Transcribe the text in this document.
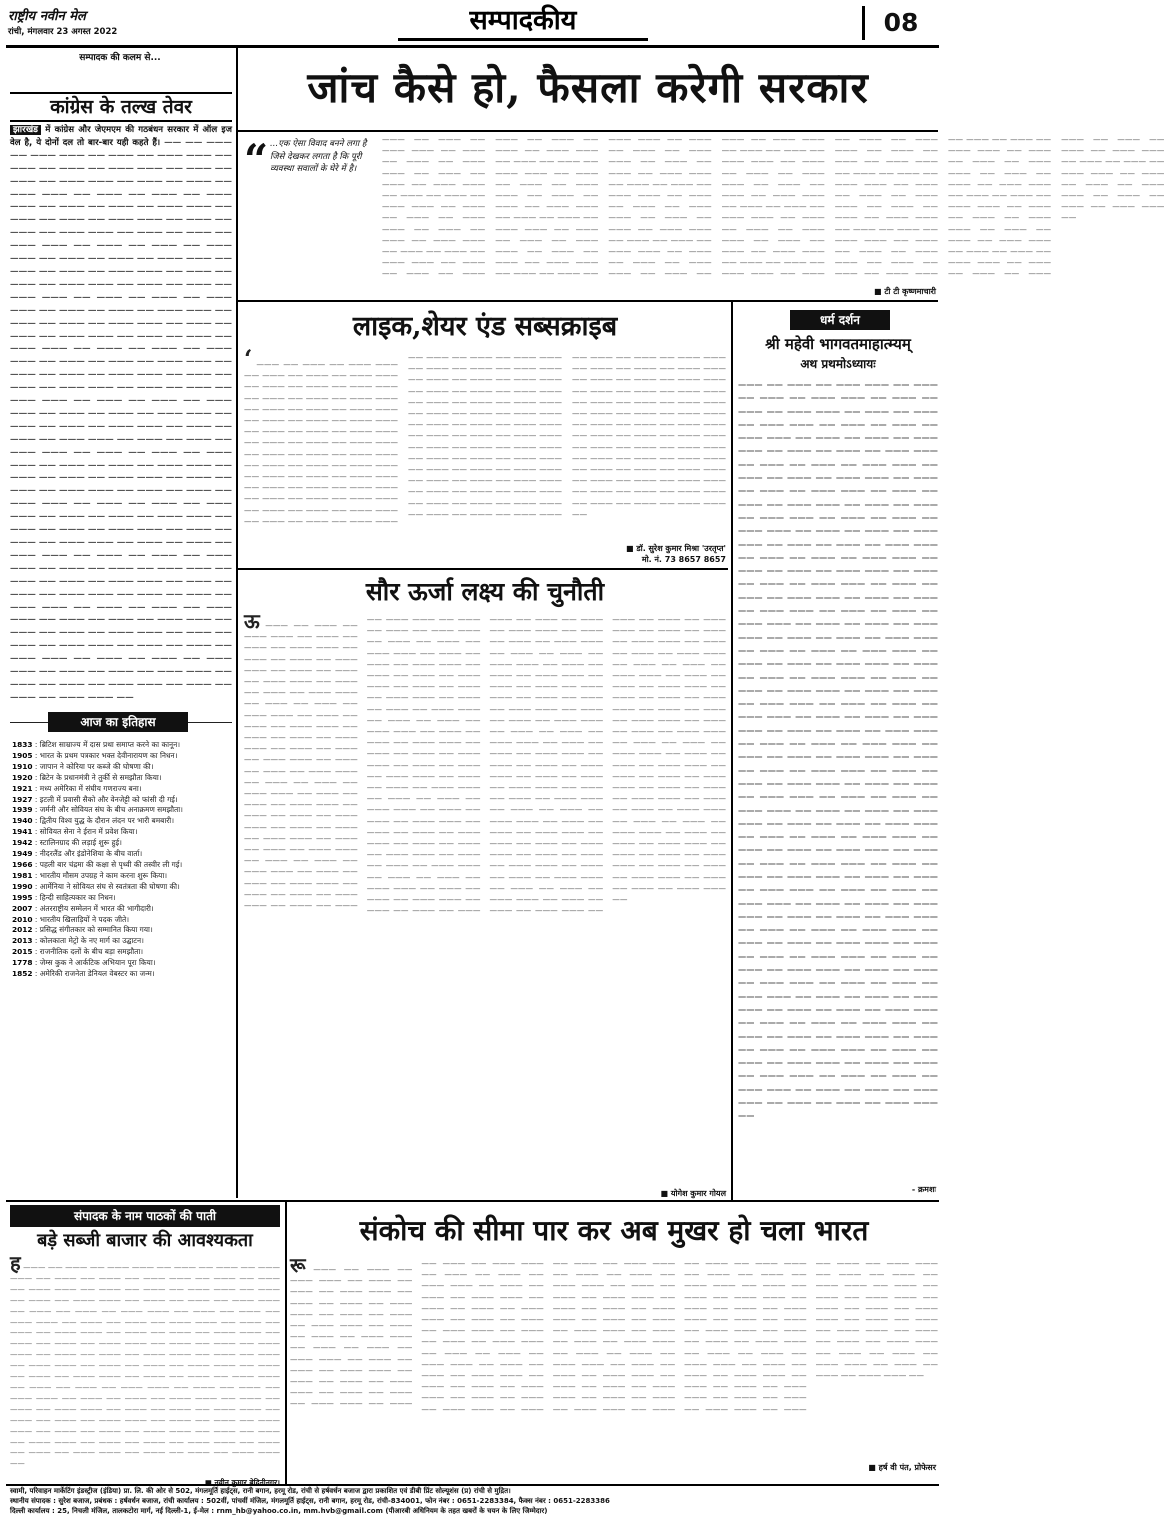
राष्ट्रीय नवीन मेल
रांची, मंगलवार 23 अगस्त 2022	सम्पादकीय	08
सम्पादक की कलम से...
जांच कैसे हो, फैसला करेगी सरकार
कांग्रेस के तल्ख तेवर
झारखंड में कांग्रेस और जेएमएम की गठबंधन सरकार में ऑल इज वेल है, ये दोनों दल तो बार-बार यही कहते हैं। —— —— ——— —— ——— ——— —— ——— —— ——— ——— —— ——— —— ——— —— ——— ——— —— ——— —— ——— —— ——— ——— —— ——— —— ——— —— ——— ——— —— ——— —— ——— —— ——— ——— —— ——— —— ——— —— ——— ——— —— ——— —— ——— —— ——— ——— —— ——— —— ——— —— ——— ——— —— ——— —— ——— —— ——— ——— —— ——— —— ——— —— ——— ——— —— ——— —— ——— —— ——— ——— —— ——— —— ——— —— ——— ——— —— ——— —— ——— —— ——— ——— —— ——— —— ——— —— ——— ——— —— ——— —— ——— —— ——— ——— —— ——— —— ——— —— ——— ——— —— ——— —— ——— —— ——— ——— —— ——— —— ——— —— ——— ——— —— ——— —— ——— —— ——— ——— —— ——— —— ——— —— ——— ——— —— ——— —— ——— —— ——— ——— —— ——— —— ——— —— ——— ——— —— ——— —— ——— —— ——— ——— —— ——— —— ——— —— ——— ——— —— ——— —— ——— —— ——— ——— —— ——— —— ——— —— ——— ——— —— ——— —— ——— —— ——— ——— —— ——— —— ——— —— ——— ——— —— ——— —— ——— —— ——— ——— —— ——— —— ——— —— ——— ——— —— ——— —— ——— —— ——— ——— —— ——— —— ——— —— ——— ——— —— ——— —— ——— —— ——— ——— —— ——— —— ——— —— ——— ——— —— ——— —— ——— —— ——— ——— —— ——— —— ——— —— ——— ——— —— ——— —— ——— —— ——— ——— —— ——— —— ——— —— ——— ——— —— ——— —— ——— —— ——— ——— —— ——— —— ——— —— ——— ——— —— ——— —— ——— —— ——— ——— —— ——— —— ——— —— ——— ——— —— ——— —— ——— —— ——— ——— —— ——— —— ——— —— ——— ——— —— ——— —— ——— —— ——— ——— —— ——— —— ——— —— ——— ——— —— ——— —— ——— —— ——— ——— —— ——— —— ——— —— ——— ——— —— ——— —— ——— —— ——— ——— —— ——— —— ——— —— ——— ——— —— ——— —— ——— —— ——— ——— —— ——— —— ——— —— ——— ——— —— ——— —— ——— —— ——— ——— ——
आज का इतिहास
1833 : ब्रिटिश साम्राज्य में दास प्रथा समाप्त करने का कानून।
1905 : भारत के प्रथम पत्रकार भक्त देवीनारायण का निधन।
1910 : जापान ने कोरिया पर कब्जे की घोषणा की।
1920 : ब्रिटेन के प्रधानमंत्री ने तुर्की से समझौता किया।
1921 : मध्य अमेरिका में संघीय गणराज्य बना।
1927 : इटली में प्रवासी सैको और वेनजेट्टी को फांसी दी गई।
1939 : जर्मनी और सोवियत संघ के बीच अनाक्रमण समझौता।
1940 : द्वितीय विश्व युद्ध के दौरान लंदन पर भारी बमबारी।
1941 : सोवियत सेना ने ईरान में प्रवेश किया।
1942 : स्टालिनग्राद की लड़ाई शुरू हुई।
1949 : नीदरलैंड और इंडोनेशिया के बीच वार्ता।
1966 : पहली बार चंद्रमा की कक्षा से पृथ्वी की तस्वीर ली गई।
1981 : भारतीय मौसम उपग्रह ने काम करना शुरू किया।
1990 : आर्मेनिया ने सोवियत संघ से स्वतंत्रता की घोषणा की।
1995 : हिन्दी साहित्यकार का निधन।
2007 : अंतरराष्ट्रीय सम्मेलन में भारत की भागीदारी।
2010 : भारतीय खिलाड़ियों ने पदक जीते।
2012 : प्रसिद्ध संगीतकार को सम्मानित किया गया।
2013 : कोलकाता मेट्रो के नए मार्ग का उद्घाटन।
2015 : राजनीतिक दलों के बीच बड़ा समझौता।
1778 : जेम्स कुक ने आर्कटिक अभियान पूरा किया।
1852 : अमेरिकी राजनेता डेनियल वेबस्टर का जन्म।
“ ...एक ऐसा विवाद बनने लगा है जिसे देखकर लगता है कि पूरी व्यवस्था सवालों के घेरे में है।
——— —— ——— —— ——— ——— —— ——— —— ——— —— ——— ——— —— ——— —— ——— —— ——— ——— —— ——— —— ——— —— ——— ——— —— ——— —— ——— —— ——— ——— —— ——— —— ——— —— ——— ——— —— ——— —— ——— —— ——— ——— —— ——— —— ——— —— ——— ——— —— ——— —— ——— —— ——— ——— —— ——— —— ——— —— ——— ——— —— ——— —— ——— —— ——— ——— —— ——— —— ——— —— ——— ——— —— ——— —— ——— —— ——— ——— —— ——— —— ——— —— ——— ——— —— ——— —— ——— —— ——— ——— —— ——— —— ——— —— ——— ——— —— ——— —— ——— —— ——— ——— —— ——— —— ——— —— ——— ——— —— ——— —— ——— —— ——— ——— —— ——— —— ——— —— ——— ——— —— ——— —— ——— —— ——— ——— —— ——— —— ——— —— ——— ——— —— ——— —— ——— —— ——— ——— —— ——— —— ——— —— ——— ——— —— ——— —— ——— —— ——— ——— —— ——— —— ——— —— ——— ——— —— ——— —— ——— —— ——— ——— —— ——— —— ——— —— ——— ——— —— ——— —— ——— —— ——— ——— —— ——— —— ——— —— ——— ——— —— ——— —— ——— —— ——— ——— —— ——— —— ——— —— ——— ——— —— ——— —— ——— —— ——— ——— —— ——— —— ——— —— ——— ——— —— ——— —— ——— —— ——— ——— —— ——— —— ——— —— ——— ——— —— ——— —— ——— —— ——— ——— —— ——— —— ——— —— ——— ——— —— ——— —— ——— —— ——— ——— —— ——— —— ——— —— ——— ——— —— ——— —— ——— —— ——— ——— —— ——— —— ——— —— ——— ——— —— ——— —— ——— —— ——— ——— —— ——— —— ——— —— ——— ——— —— ——— —— ——— —— ——— ——— —— ——— —— ——— —— ——— ——— —— ——— —— ——— —— ——— ——— —— ——— —— ——— —— ——— ——— —— ——— —— ——— —— ——— ——— —— ——— —— ——— —— ——— ——— —— ——— —— ——— —— ——— ——— ——
■ टी टी कृष्णमाचारी
लाइक,शेयर एंड सब्सक्राइब
‘ ——— —— ——— —— ——— ——— —— ——— —— ——— —— ——— ——— —— ——— —— ——— —— ——— ——— —— ——— —— ——— —— ——— ——— —— ——— —— ——— —— ——— ——— —— ——— —— ——— —— ——— ——— —— ——— —— ——— —— ——— ——— —— ——— —— ——— —— ——— ——— —— ——— —— ——— —— ——— ——— —— ——— —— ——— —— ——— ——— —— ——— —— ——— —— ——— ——— —— ——— —— ——— —— ——— ——— —— ——— —— ——— —— ——— ——— —— ——— —— ——— —— ——— ——— —— ——— —— ——— —— ——— ——— —— ——— —— ——— —— ——— ——— —— ——— —— ——— —— ——— ——— —— ——— —— ——— —— ——— ——— —— ——— —— ——— —— ——— ——— —— ——— —— ——— —— ——— ——— —— ——— —— ——— —— ——— ——— —— ——— —— ——— —— ——— ——— —— ——— —— ——— —— ——— ——— —— ——— —— ——— —— ——— ——— —— ——— —— ——— —— ——— ——— —— ——— —— ——— —— ——— ——— —— ——— —— ——— —— ——— ——— —— ——— —— ——— —— ——— ——— —— ——— —— ——— —— ——— ——— —— ——— —— ——— —— ——— ——— —— ——— —— ——— —— ——— ——— —— ——— —— ——— —— ——— ——— —— ——— —— ——— —— ——— ——— —— ——— —— ——— —— ——— ——— —— ——— —— ——— —— ——— ——— —— ——— —— ——— —— ——— ——— —— ——— —— ——— —— ——— ——— —— ——— —— ——— —— ——— ——— —— ——— —— ——— —— ——— ——— —— ——— —— ——— —— ——— ——— —— ——— —— ——— —— ——— ——— —— ——— —— ——— —— ——— ——— —— ——— —— ——— —— ——— ——— —— ——— —— ——— —— ——— ——— ——
■ डॉ. सुरेश कुमार मिश्रा 'उरतृप्त'
मो. नं. 73 8657 8657
सौर ऊर्जा लक्ष्य की चुनौती
ऊ ——— —— ——— —— ——— ——— —— ——— —— ——— —— ——— ——— —— ——— —— ——— —— ——— ——— —— ——— —— ——— —— ——— ——— —— ——— —— ——— —— ——— ——— —— ——— —— ——— —— ——— ——— —— ——— —— ——— —— ——— ——— —— ——— —— ——— —— ——— ——— —— ——— —— ——— —— ——— ——— —— ——— —— ——— —— ——— ——— —— ——— —— ——— —— ——— ——— —— ——— —— ——— —— ——— ——— —— ——— —— ——— —— ——— ——— —— ——— —— ——— —— ——— ——— —— ——— —— ——— —— ——— ——— —— ——— —— ——— —— ——— ——— —— ——— —— ——— —— ——— ——— —— ——— —— ——— —— ——— ——— —— ——— —— ——— —— ——— ——— —— ——— —— ——— —— ——— ——— —— ——— —— ——— —— ——— ——— —— ——— —— ——— —— ——— ——— —— ——— —— ——— —— ——— ——— —— ——— —— ——— —— ——— ——— —— ——— —— ——— —— ——— ——— —— ——— —— ——— —— ——— ——— —— ——— —— ——— —— ——— ——— —— ——— —— ——— —— ——— ——— —— ——— —— ——— —— ——— ——— —— ——— —— ——— —— ——— ——— —— ——— —— ——— —— ——— ——— —— ——— —— ——— —— ——— ——— —— ——— —— ——— —— ——— ——— —— ——— —— ——— —— ——— ——— —— ——— —— ——— —— ——— ——— —— ——— —— ——— —— ——— ——— —— ——— —— ——— —— ——— ——— —— ——— —— ——— —— ——— ——— —— ——— —— ——— —— ——— ——— —— ——— —— ——— —— ——— ——— —— ——— —— ——— —— ——— ——— —— ——— —— ——— —— ——— ——— —— ——— —— ——— —— ——— ——— —— ——— —— ——— —— ——— ——— —— ——— —— ——— —— ——— ——— —— ——— —— ——— —— ——— ——— —— ——— —— ——— —— ——— ——— —— ——— —— ——— —— ——— ——— —— ——— —— ——— —— ——— ——— —— ——— —— ——— —— ——— ——— —— ——— —— ——— —— ——— ——— —— ——— —— ——— —— ——— ——— —— ——— —— ——— —— ——— ——— —— ——— —— ——— —— ——— ——— —— ——— —— ——— —— ——— ——— —— ——— —— ——— —— ——— ——— —— ——— —— ——— —— ——— ——— —— ——— —— ——— —— ——— ——— —— ——— —— ——— —— ——— ——— —— ——— —— ——— —— ——— ——— —— ——— —— ——— —— ——— ——— —— ——— —— ——— —— ——— ——— —— ——— —— ——— —— ——— ——— —— ——— —— ——— —— ——— ——— —— ——— —— ——— —— ——— ——— —— ——— —— ——— —— ——— ——— —— ——— —— ——— —— ——— ——— —— ——— —— ——— —— ——— ——— —— ——— —— ——— —— ——— ——— —— ——— —— ——— —— ——— ——— —— ——— —— ——— —— ——— ——— —— ——— —— ——— —— ——— ——— —— ——— —— ——— —— ——— ——— —— ——— —— ——— —— ——— ——— —— ——— —— ——— —— ——— ——— ——
■ योगेश कुमार गोयल
धर्म दर्शन
श्री महेवी भागवतमाहात्म्यम्
अथ प्रथमोऽध्यायः
——— —— ——— —— ——— ——— —— ——— —— ——— —— ——— ——— —— ——— —— ——— —— ——— ——— —— ——— —— ——— —— ——— ——— —— ——— —— ——— —— ——— ——— —— ——— —— ——— —— ——— ——— —— ——— —— ——— —— ——— ——— —— ——— —— ——— —— ——— ——— —— ——— —— ——— —— ——— ——— —— ——— —— ——— —— ——— ——— —— ——— —— ——— —— ——— ——— —— ——— —— ——— —— ——— ——— —— ——— —— ——— —— ——— ——— —— ——— —— ——— —— ——— ——— —— ——— —— ——— —— ——— ——— —— ——— —— ——— —— ——— ——— —— ——— —— ——— —— ——— ——— —— ——— —— ——— —— ——— ——— —— ——— —— ——— —— ——— ——— —— ——— —— ——— —— ——— ——— —— ——— —— ——— —— ——— ——— —— ——— —— ——— —— ——— ——— —— ——— —— ——— —— ——— ——— —— ——— —— ——— —— ——— ——— —— ——— —— ——— —— ——— ——— —— ——— —— ——— —— ——— ——— —— ——— —— ——— —— ——— ——— —— ——— —— ——— —— ——— ——— —— ——— —— ——— —— ——— ——— —— ——— —— ——— —— ——— ——— —— ——— —— ——— —— ——— ——— —— ——— —— ——— —— ——— ——— —— ——— —— ——— —— ——— ——— —— ——— —— ——— —— ——— ——— —— ——— —— ——— —— ——— ——— —— ——— —— ——— —— ——— ——— —— ——— —— ——— —— ——— ——— —— ——— —— ——— —— ——— ——— —— ——— —— ——— —— ——— ——— —— ——— —— ——— —— ——— ——— —— ——— —— ——— —— ——— ——— —— ——— —— ——— —— ——— ——— —— ——— —— ——— —— ——— ——— —— ——— —— ——— —— ——— ——— —— ——— —— ——— —— ——— ——— —— ——— —— ——— —— ——— ——— —— ——— —— ——— —— ——— ——— —— ——— —— ——— —— ——— ——— —— ——— —— ——— —— ——— ——— —— ——— —— ——— —— ——— ——— —— ——— —— ——— —— ——— ——— —— ——— —— ——— —— ——— ——— —— ——— —— ——— —— ——— ——— —— ——— —— ——— —— ——— ——— —— ——— —— ——— —— ——— ——— —— ——— —— ——— —— ——— ——— —— ——— —— ——— —— ——— ——— —— ——— —— ——— —— ——— ——— —— ——— —— ——— —— ——— ——— —— ——— —— ——— —— ——— ——— —— ——— —— ——— —— ——— ——— —— ——— —— ——— —— ——— ——— —— ——— —— ——— —— ——— ——— ——
- क्रमशः
संपादक के नाम पाठकों की पाती
बड़े सब्जी बाजार की आवश्यकता
ह ——— —— ——— —— ——— ——— —— ——— —— ——— —— ——— ——— —— ——— —— ——— —— ——— ——— —— ——— —— ——— —— ——— ——— —— ——— —— ——— —— ——— ——— —— ——— —— ——— —— ——— ——— —— ——— —— ——— —— ——— ——— —— ——— —— ——— —— ——— ——— —— ——— —— ——— —— ——— ——— —— ——— —— ——— —— ——— ——— —— ——— —— ——— —— ——— ——— —— ——— —— ——— —— ——— ——— —— ——— —— ——— —— ——— ——— —— ——— —— ——— —— ——— ——— —— ——— —— ——— —— ——— ——— —— ——— —— ——— —— ——— ——— —— ——— —— ——— —— ——— ——— —— ——— —— ——— —— ——— ——— —— ——— —— ——— —— ——— ——— —— ——— —— ——— —— ——— ——— —— ——— —— ——— —— ——— ——— —— ——— —— ——— —— ——— ——— —— ——— —— ——— —— ——— ——— —— ——— —— ——— —— ——— ——— —— ——— —— ——— —— ——— ——— —— ——— —— ——— —— ——— ——— —— ——— —— ——— —— ——— ——— —— ——— —— ——— —— ——— ——— —— ——— —— ——— —— ——— ——— —— ——— —— ——— —— ——— ——— —— ——— —— ——— —— ——— ——— ——
■ नवीन कुमार बेदिनीनगर।
संकोच की सीमा पार कर अब मुखर हो चला भारत
रू ——— —— ——— —— ——— ——— —— ——— —— ——— —— ——— ——— —— ——— —— ——— —— ——— ——— —— ——— —— ——— —— ——— ——— —— ——— —— ——— —— ——— ——— —— ——— —— ——— —— ——— ——— —— ——— —— ——— —— ——— ——— —— ——— —— ——— —— ——— ——— —— ——— —— ——— —— ——— ——— —— ——— —— ——— —— ——— ——— —— ——— —— ——— —— ——— ——— —— ——— —— ——— —— ——— ——— —— ——— —— ——— —— ——— ——— —— ——— —— ——— —— ——— ——— —— ——— —— ——— —— ——— ——— —— ——— —— ——— —— ——— ——— —— ——— —— ——— —— ——— ——— —— ——— —— ——— —— ——— ——— —— ——— —— ——— —— ——— ——— —— ——— —— ——— —— ——— ——— —— ——— —— ——— —— ——— ——— —— ——— —— ——— —— ——— ——— —— ——— —— ——— —— ——— ——— —— ——— —— ——— —— ——— ——— —— ——— —— ——— —— ——— ——— —— ——— —— ——— —— ——— ——— —— ——— —— ——— —— ——— ——— —— ——— —— ——— —— ——— ——— —— ——— —— ——— —— ——— ——— —— ——— —— ——— —— ——— ——— —— ——— —— ——— —— ——— ——— —— ——— —— ——— —— ——— ——— —— ——— —— ——— —— ——— ——— —— ——— —— ——— —— ——— ——— —— ——— —— ——— —— ——— ——— —— ——— —— ——— —— ——— ——— —— ——— —— ——— —— ——— ——— —— ——— —— ——— —— ——— ——— —— ——— —— ——— —— ——— ——— —— ——— —— ——— —— ——— ——— —— ——— —— ——— —— ——— ——— —— ——— —— ——— —— ——— ——— —— ——— —— ——— —— ——— ——— —— ——— —— ——— —— ——— ——— —— ——— —— ——— —— ——— ——— —— ——— —— ——— —— ——— ——— —— ——— —— ——— —— ——— ——— ——
■ हर्ष वी पंत, प्रोफेसर
स्वामी, परिवाहन मार्केटिंग इंडस्ट्रीज (इंडिया) प्रा. लि. की ओर से 502, मंगलमूर्ति हाईट्स, रानी बगान, हरमू रोड, रांची से हर्षवर्धन बजाज द्वारा प्रकाशित एवं डीबी प्रिंट सोल्यूशंस (प्र) रांची से मुद्रित।
स्थानीय संपादक : सुरेश बजाज, प्रबंधक : हर्षवर्धन बजाज, रांची कार्यालय : 502वीं, पांचवीं मंजिल, मंगलमूर्ति हाईट्स, रानी बगान, हरमू रोड, रांची-834001, फोन नंबर : 0651-2283384, फैक्स नंबर : 0651-2283386
दिल्ली कार्यालय : 25, निचली मंजिल, तालकटोरा मार्ग, नई दिल्ली-1, ई-मेल : rnm_hb@yahoo.co.in, mm.hvb@gmail.com (पीआरबी अधिनियम के तहत खबरों के चयन के लिए जिम्मेदार)
